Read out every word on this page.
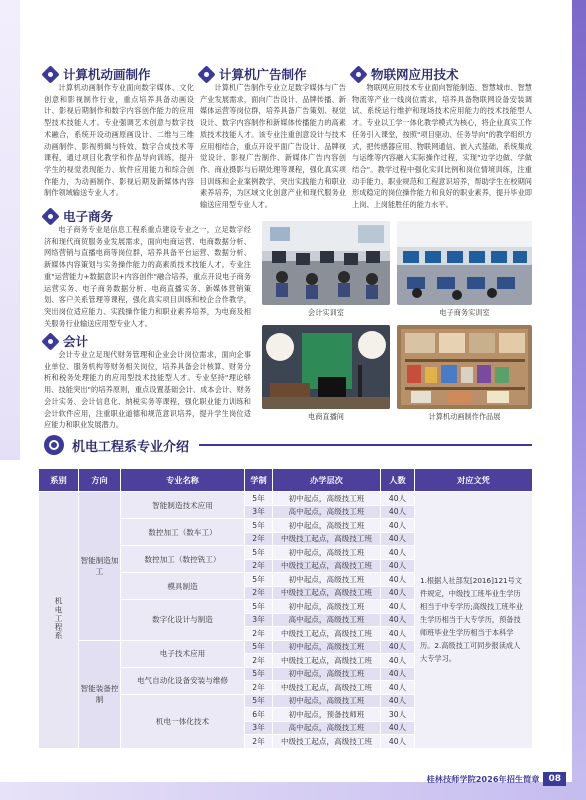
计算机动画制作

计算机动画制作专业面向数字媒体、文化创意和影视制作行业，重点培养具备动画设计、影视后期制作和数字内容创作能力的应用型技术技能人才。专业强调艺术创意与数字技术融合，系统开设动画原画设计、二维与三维动画制作、影视剪辑与特效、数字合成技术等课程，通过项目化教学和作品导向训练，提升学生的视觉表现能力、软件应用能力和综合创作能力，为动画制作、影视后期及新媒体内容制作领域输送专业人才。

计算机广告制作

计算机广告制作专业立足数字媒体与广告产业发展需求，面向广告设计、品牌传播、新媒体运营等岗位群，培养具备广告策划、视觉设计、数字内容制作和新媒体传播能力的高素质技术技能人才。该专业注重创意设计与技术应用相结合，重点开设平面广告设计、品牌视觉设计、影视广告制作、新媒体广告内容创作、商业摄影与后期处理等课程，强化真实项目训练和企业案例教学，突出实践能力和职业素养培养，为区域文化创意产业和现代服务业输送应用型专业人才。

物联网应用技术

物联网应用技术专业面向智能制造、智慧城市、智慧物流等产业一线岗位需求，培养具备物联网设备安装调试、系统运行维护和现场技术应用能力的技术技能型人才。专业以工学一体化教学模式为核心，将企业真实工作任务引入课堂，按照"项目驱动、任务导向"的教学组织方式，把传感器应用、物联网通信、嵌入式基础、系统集成与运维等内容融入实际操作过程，实现"边学边做、学做结合"。教学过程中强化实训比例和岗位情境训练，注重动手能力、职业规范和工程意识培养，帮助学生在校期间形成稳定的岗位操作能力和良好的职业素养，提升毕业即上岗、上岗能胜任的能力水平。

电子商务

电子商务专业是信息工程系重点建设专业之一，立足数字经济和现代商贸服务业发展需求，面向电商运营、电商数据分析、网络营销与直播电商等岗位群，培养具备平台运营、数据分析、新媒体内容策划与实务操作能力的高素质技术技能人才。专业注重"运营能力+数据意识+内容创作"融合培养，重点开设电子商务运营实务、电子商务数据分析、电商直播实务、新媒体营销策划、客户关系管理等课程，强化真实项目训练和校企合作教学，突出岗位适应能力、实践操作能力和职业素养培养，为电商及相关服务行业输送应用型专业人才。

会计

会计专业立足现代财务管理和企业会计岗位需求，面向企事业单位、服务机构等财务相关岗位，培养具备会计核算、财务分析和税务处理能力的应用型技术技能型人才。专业坚持"理论够用、技能突出"的培养原则，重点设置基础会计、成本会计、财务会计实务、会计信息化、纳税实务等课程，强化职业能力训练和会计软件应用，注重职业道德和规范意识培养，提升学生岗位适应能力和职业发展潜力。

会计实训室	电子商务实训室
电商直播间	计算机动画制作作品展
机电工程系专业介绍
系别	方向	专业名称	学制	办学层次	人数	对应文凭
机电工程系	智能制造加工	智能制造技术应用	5年	初中起点，高级技工班	40人	1.根据人社部发[2016]121号文件规定，中级技工班毕业生学历相当于中专学历;高级技工班毕业生学历相当于大专学历，预备技师班毕业生学历相当于本科学历。2.高级技工可同步报读成人大专学习。
			3年	高中起点，高级技工班	40人	
		数控加工（数车工）	5年	初中起点，高级技工班	40人	
			2年	中级技工起点，高级技工班	40人	
		数控加工（数控铣工）	5年	初中起点，高级技工班	40人	
			2年	中级技工起点，高级技工班	40人	
		模具制造	5年	初中起点，高级技工班	40人	
			2年	中级技工起点，高级技工班	40人	
		数字化设计与制造	5年	初中起点，高级技工班	40人	
			3年	高中起点，高级技工班	40人	
			2年	中级技工起点，高级技工班	40人	
	智能装备控制	电子技术应用	5年	初中起点，高级技工班	40人	
			2年	中级技工起点，高级技工班	40人	
		电气自动化设备安装与维修	5年	初中起点，高级技工班	40人	
			2年	中级技工起点，高级技工班	40人	
		机电一体化技术	5年	初中起点，高级技工班	40人	
			6年	初中起点，预备技师班	30人	
			3年	高中起点，高级技工班	40人	
			2年	中级技工起点，高级技工班	40人	
桂林技师学院2026年招生简章	08
